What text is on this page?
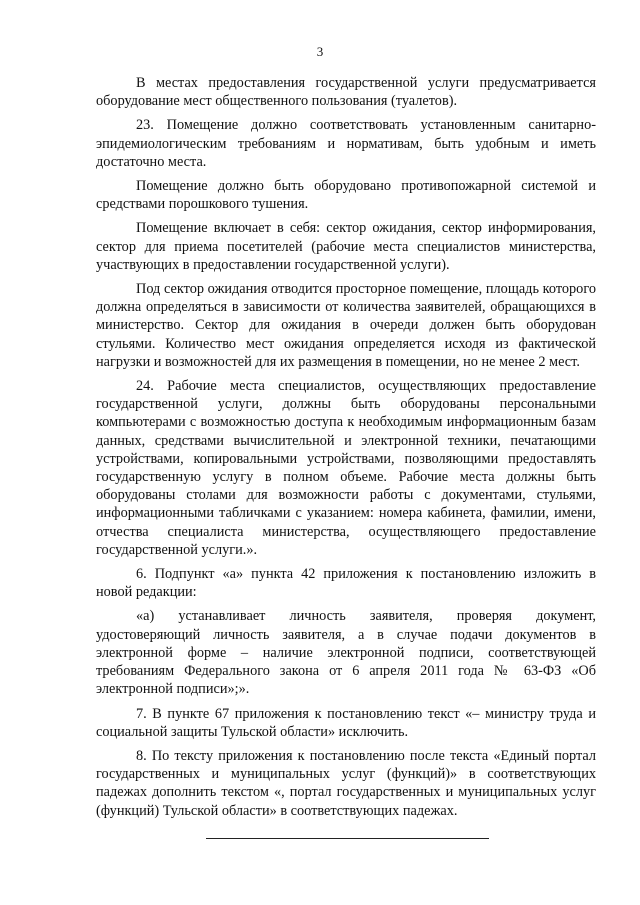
3

В местах предоставления государственной услуги предусматривается оборудование мест общественного пользования (туалетов).

23. Помещение должно соответствовать установленным санитарно-эпидемиологическим требованиям и нормативам, быть удобным и иметь достаточно места.

Помещение должно быть оборудовано противопожарной системой и средствами порошкового тушения.

Помещение включает в себя: сектор ожидания, сектор информирования, сектор для приема посетителей (рабочие места специалистов министерства, участвующих в предоставлении государственной услуги).

Под сектор ожидания отводится просторное помещение, площадь которого должна определяться в зависимости от количества заявителей, обращающихся в министерство. Сектор для ожидания в очереди должен быть оборудован стульями. Количество мест ожидания определяется исходя из фактической нагрузки и возможностей для их размещения в помещении, но не менее 2 мест.

24. Рабочие места специалистов, осуществляющих предоставление государственной услуги, должны быть оборудованы персональными компьютерами с возможностью доступа к необходимым информационным базам данных, средствами вычислительной и электронной техники, печатающими устройствами, копировальными устройствами, позволяющими предоставлять государственную услугу в полном объеме. Рабочие места должны быть оборудованы столами для возможности работы с документами, стульями, информационными табличками с указанием: номера кабинета, фамилии, имени, отчества специалиста министерства, осуществляющего предоставление государственной услуги.».

6. Подпункт «а» пункта 42 приложения к постановлению изложить в новой редакции:

«а) устанавливает личность заявителя, проверяя документ, удостоверяющий личность заявителя, а в случае подачи документов в электронной форме – наличие электронной подписи, соответствующей требованиям Федерального закона от 6 апреля 2011 года № 63-ФЗ «Об электронной подписи»;».

7. В пункте 67 приложения к постановлению текст «– министру труда и социальной защиты Тульской области» исключить.

8. По тексту приложения к постановлению после текста «Единый портал государственных и муниципальных услуг (функций)» в соответствующих падежах дополнить текстом «, портал государственных и муниципальных услуг (функций) Тульской области» в соответствующих падежах.
